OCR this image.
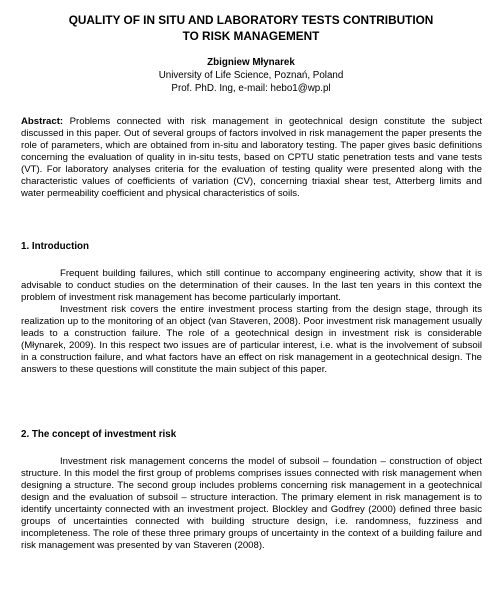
QUALITY OF IN SITU AND LABORATORY TESTS CONTRIBUTION
TO RISK MANAGEMENT
Zbigniew Młynarek
University of Life Science, Poznań, Poland
Prof. PhD. Ing, e-mail: hebo1@wp.pl
Abstract: Problems connected with risk management in geotechnical design constitute the subject discussed in this paper. Out of several groups of factors involved in risk management the paper presents the role of parameters, which are obtained from in-situ and laboratory testing. The paper gives basic definitions concerning the evaluation of quality in in-situ tests, based on CPTU static penetration tests and vane tests (VT). For laboratory analyses criteria for the evaluation of testing quality were presented along with the characteristic values of coefficients of variation (CV), concerning triaxial shear test, Atterberg limits and water permeability coefficient and physical characteristics of soils.
1. Introduction

Frequent building failures, which still continue to accompany engineering activity, show that it is advisable to conduct studies on the determination of their causes. In the last ten years in this context the problem of investment risk management has become particularly important.

Investment risk covers the entire investment process starting from the design stage, through its realization up to the monitoring of an object (van Staveren, 2008). Poor investment risk management usually leads to a construction failure. The role of a geotechnical design in investment risk is considerable (Młynarek, 2009). In this respect two issues are of particular interest, i.e. what is the involvement of subsoil in a construction failure, and what factors have an effect on risk management in a geotechnical design. The answers to these questions will constitute the main subject of this paper.

2. The concept of investment risk

Investment risk management concerns the model of subsoil – foundation – construction of object structure. In this model the first group of problems comprises issues connected with risk management when designing a structure. The second group includes problems concerning risk management in a geotechnical design and the evaluation of subsoil – structure interaction. The primary element in risk management is to identify uncertainty connected with an investment project. Blockley and Godfrey (2000) defined three basic groups of uncertainties connected with building structure design, i.e. randomness, fuzziness and incompleteness. The role of these three primary groups of uncertainty in the context of a building failure and risk management was presented by van Staveren (2008).
